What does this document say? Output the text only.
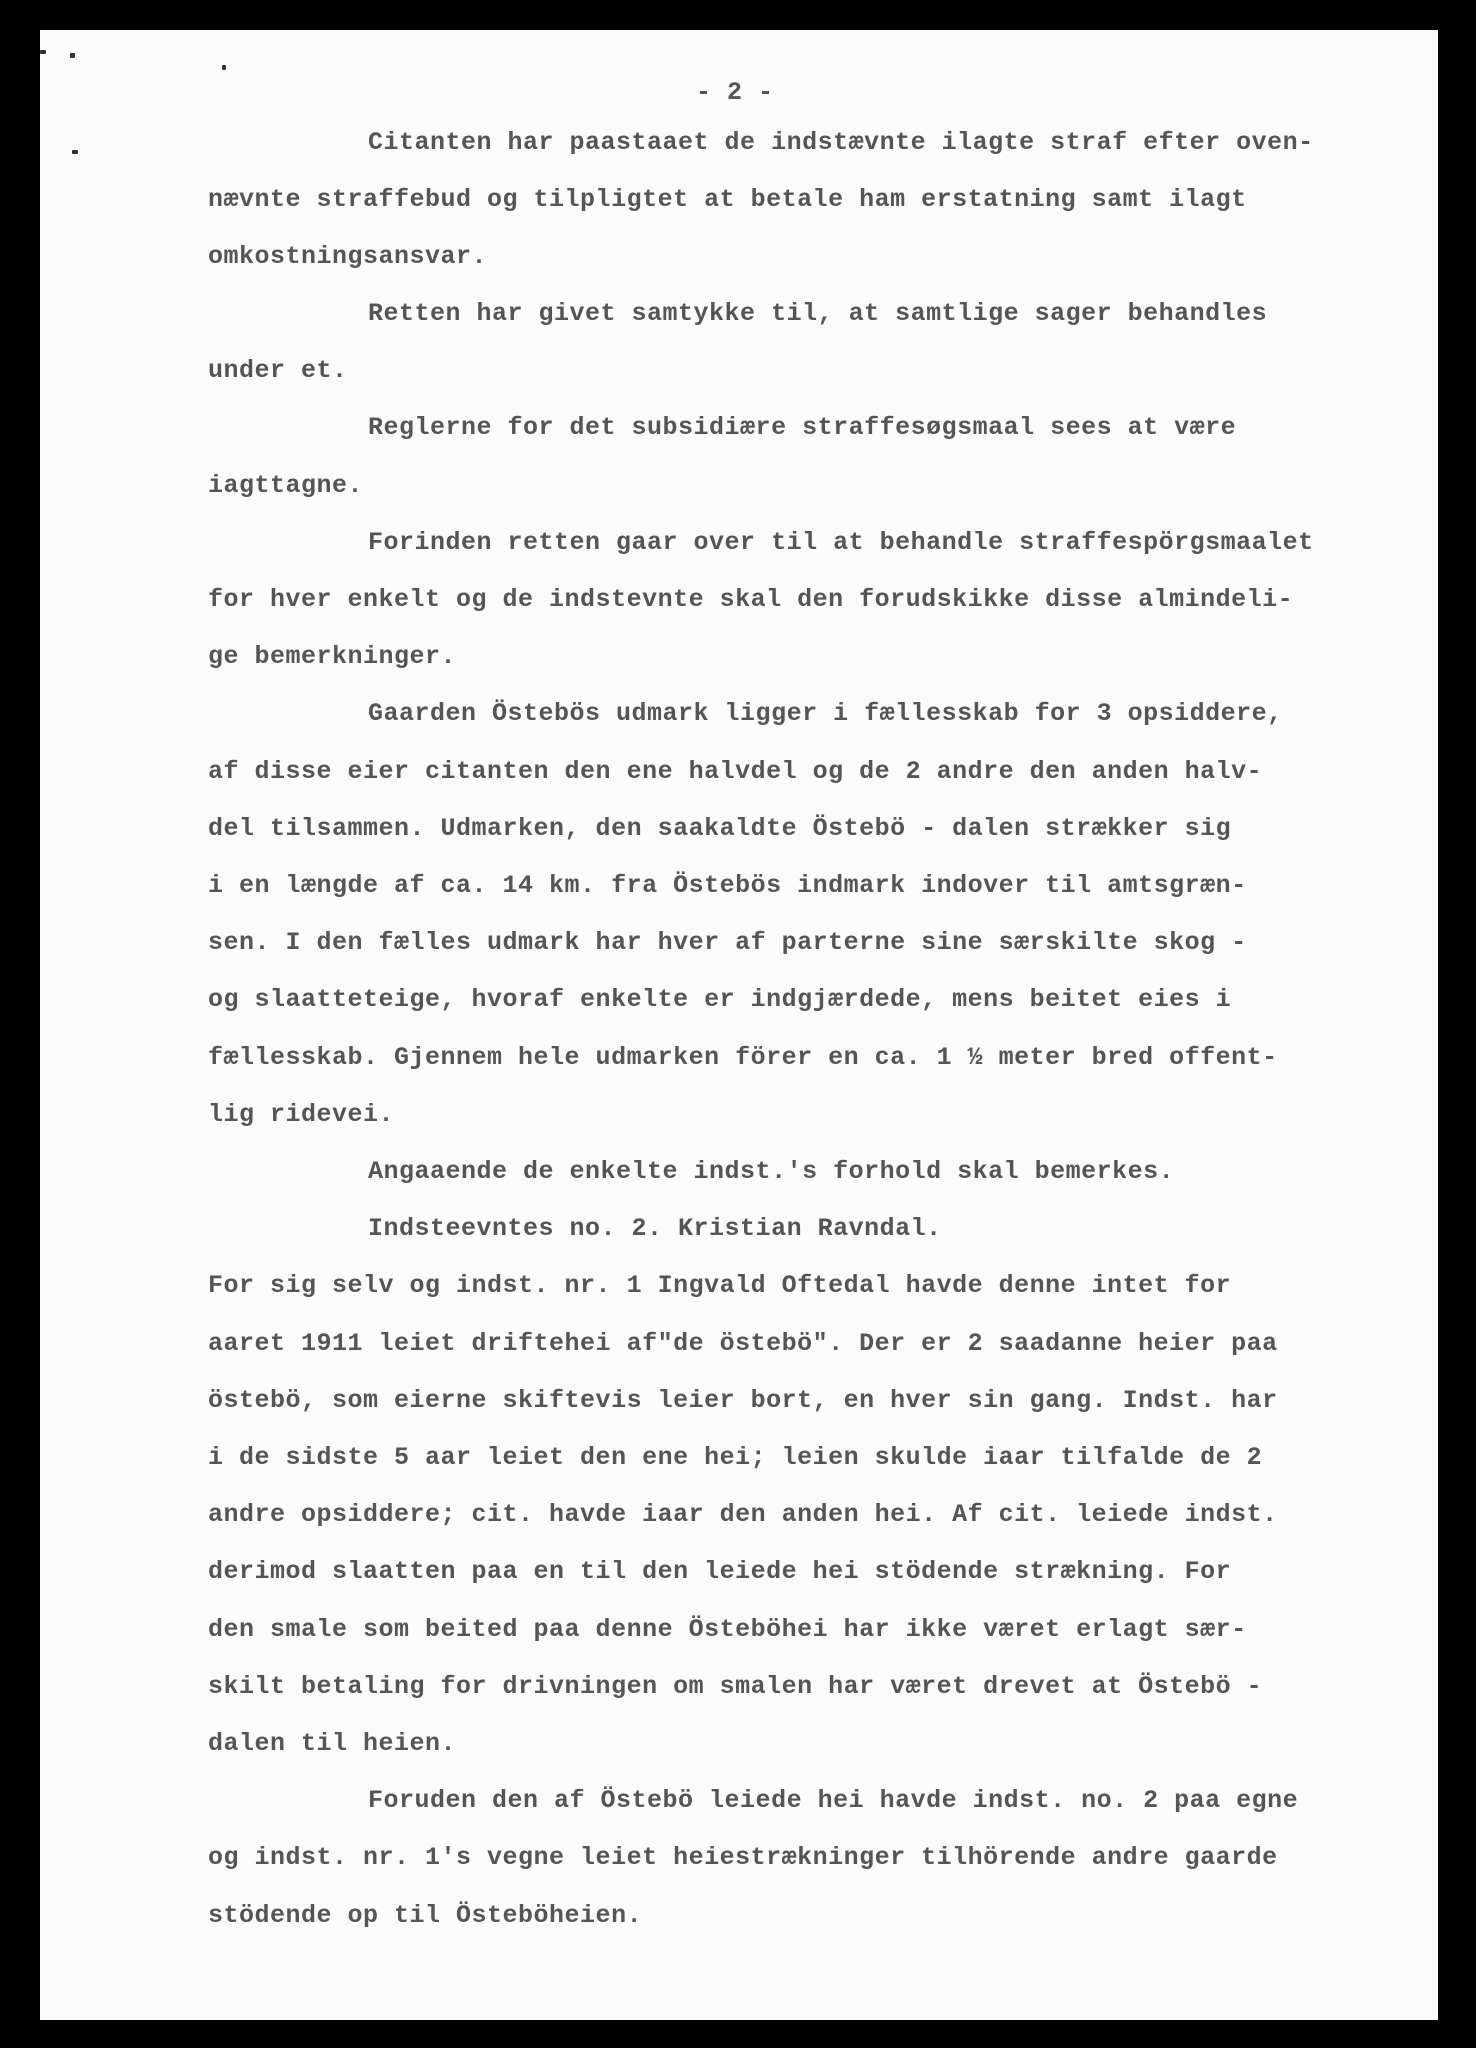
- 2 -
Citanten har paastaaet de indstævnte ilagte straf efter oven-
nævnte straffebud og tilpligtet at betale ham erstatning samt ilagt
omkostningsansvar.
Retten har givet samtykke til, at samtlige sager behandles
under et.
Reglerne for det subsidiære straffesøgsmaal sees at være
iagttagne.
Forinden retten gaar over til at behandle straffespörgsmaalet
for hver enkelt og de indstevnte skal den forudskikke disse almindeli-
ge bemerkninger.
Gaarden Östebös udmark ligger i fællesskab for 3 opsiddere,
af disse eier citanten den ene halvdel og de 2 andre den anden halv-
del tilsammen. Udmarken, den saakaldte Östebö - dalen strækker sig
i en længde af ca. 14 km. fra Östebös indmark indover til amtsgræn-
sen. I den fælles udmark har hver af parterne sine særskilte skog -
og slaatteteige, hvoraf enkelte er indgjærdede, mens beitet eies i
fællesskab. Gjennem hele udmarken förer en ca. 1 ½ meter bred offent-
lig ridevei.
Angaaende de enkelte indst.'s forhold skal bemerkes.
Indsteevntes no. 2. Kristian Ravndal.
For sig selv og indst. nr. 1 Ingvald Oftedal havde denne intet for
aaret 1911 leiet driftehei af"de östebö". Der er 2 saadanne heier paa
östebö, som eierne skiftevis leier bort, en hver sin gang. Indst. har
i de sidste 5 aar leiet den ene hei; leien skulde iaar tilfalde de 2
andre opsiddere; cit. havde iaar den anden hei. Af cit. leiede indst.
derimod slaatten paa en til den leiede hei stödende strækning. For
den smale som beited paa denne Östeböhei har ikke været erlagt sær-
skilt betaling for drivningen om smalen har været drevet at Östebö -
dalen til heien.
Foruden den af Östebö leiede hei havde indst. no. 2 paa egne
og indst. nr. 1's vegne leiet heiestrækninger tilhörende andre gaarde
stödende op til Östeböheien.
